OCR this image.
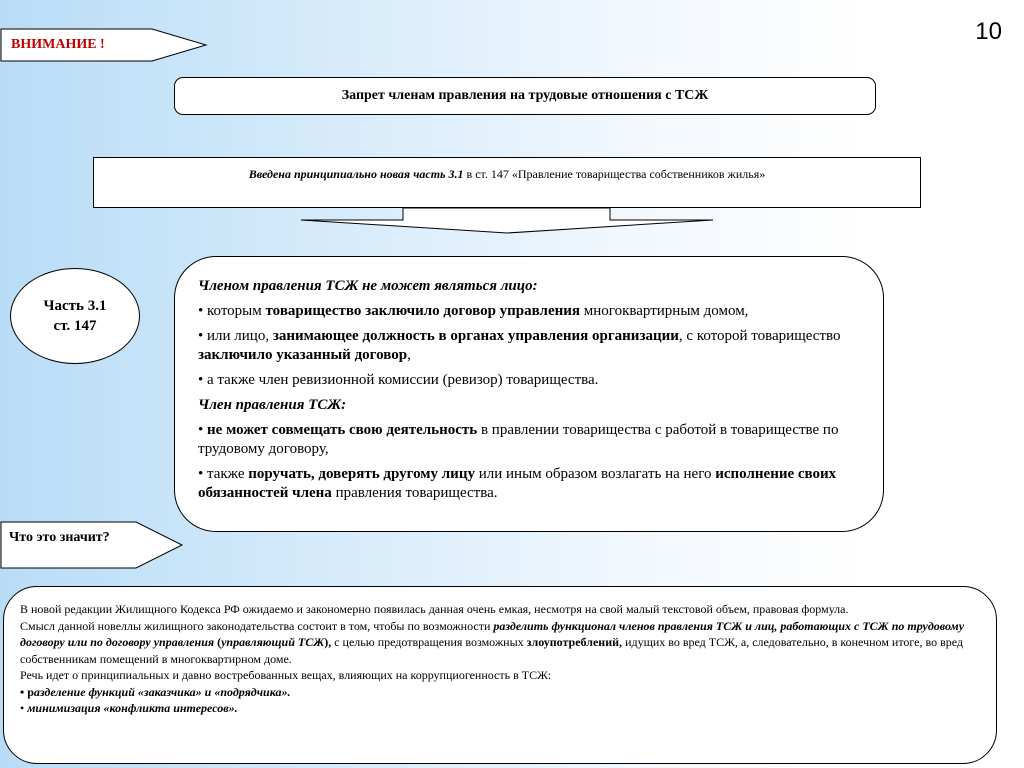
10
ВНИМАНИЕ !
Запрет членам правления на трудовые отношения с ТСЖ
Введена принципиально новая часть 3.1 в ст. 147 «Правление товарищества собственников жилья»
Часть 3.1
ст. 147

Членом правления ТСЖ не может являться лицо:

• которым товарищество заключило договор управления многоквартирным домом,

• или лицо, занимающее должность в органах управления организации, с которой товарищество заключило указанный договор,

• а также член ревизионной комиссии (ревизор) товарищества.

Член правления ТСЖ:

• не может совмещать свою деятельность в правлении товарищества с работой в товариществе по трудовому договору,

• также поручать, доверять другому лицу или иным образом возлагать на него исполнение своих обязанностей члена правления товарищества.

Что это значит?

В новой редакции Жилищного Кодекса РФ ожидаемо и закономерно появилась данная очень емкая, несмотря на свой малый текстовой объем, правовая формула.

Смысл данной новеллы жилищного законодательства состоит в том, чтобы по возможности разделить функционал членов правления ТСЖ и лиц, работающих с ТСЖ по трудовому договору или по договору управления (управляющий ТСЖ), с целью предотвращения возможных злоупотреблений, идущих во вред ТСЖ, а, следовательно, в конечном итоге, во вред собственникам помещений в многоквартирном доме.

Речь идет о принципиальных и давно востребованных вещах, влияющих на коррупциогенность в ТСЖ:

• разделение функций «заказчика» и «подрядчика».

• минимизация «конфликта интересов».
